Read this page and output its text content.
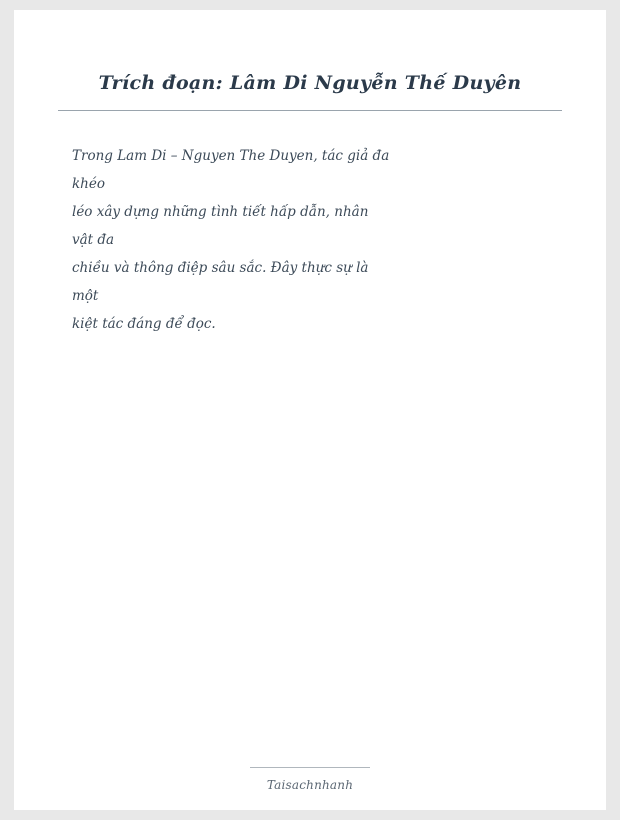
Trích đoạn: Lâm Di Nguyễn Thế Duyên

Trong Lam Di – Nguyen The Duyen, tác giả đa

khéo

léo xây dựng những tình tiết hấp dẫn, nhân

vật đa

chiều và thông điệp sâu sắc. Đây thực sự là

một

kiệt tác đáng để đọc.

Taisachnhanh
